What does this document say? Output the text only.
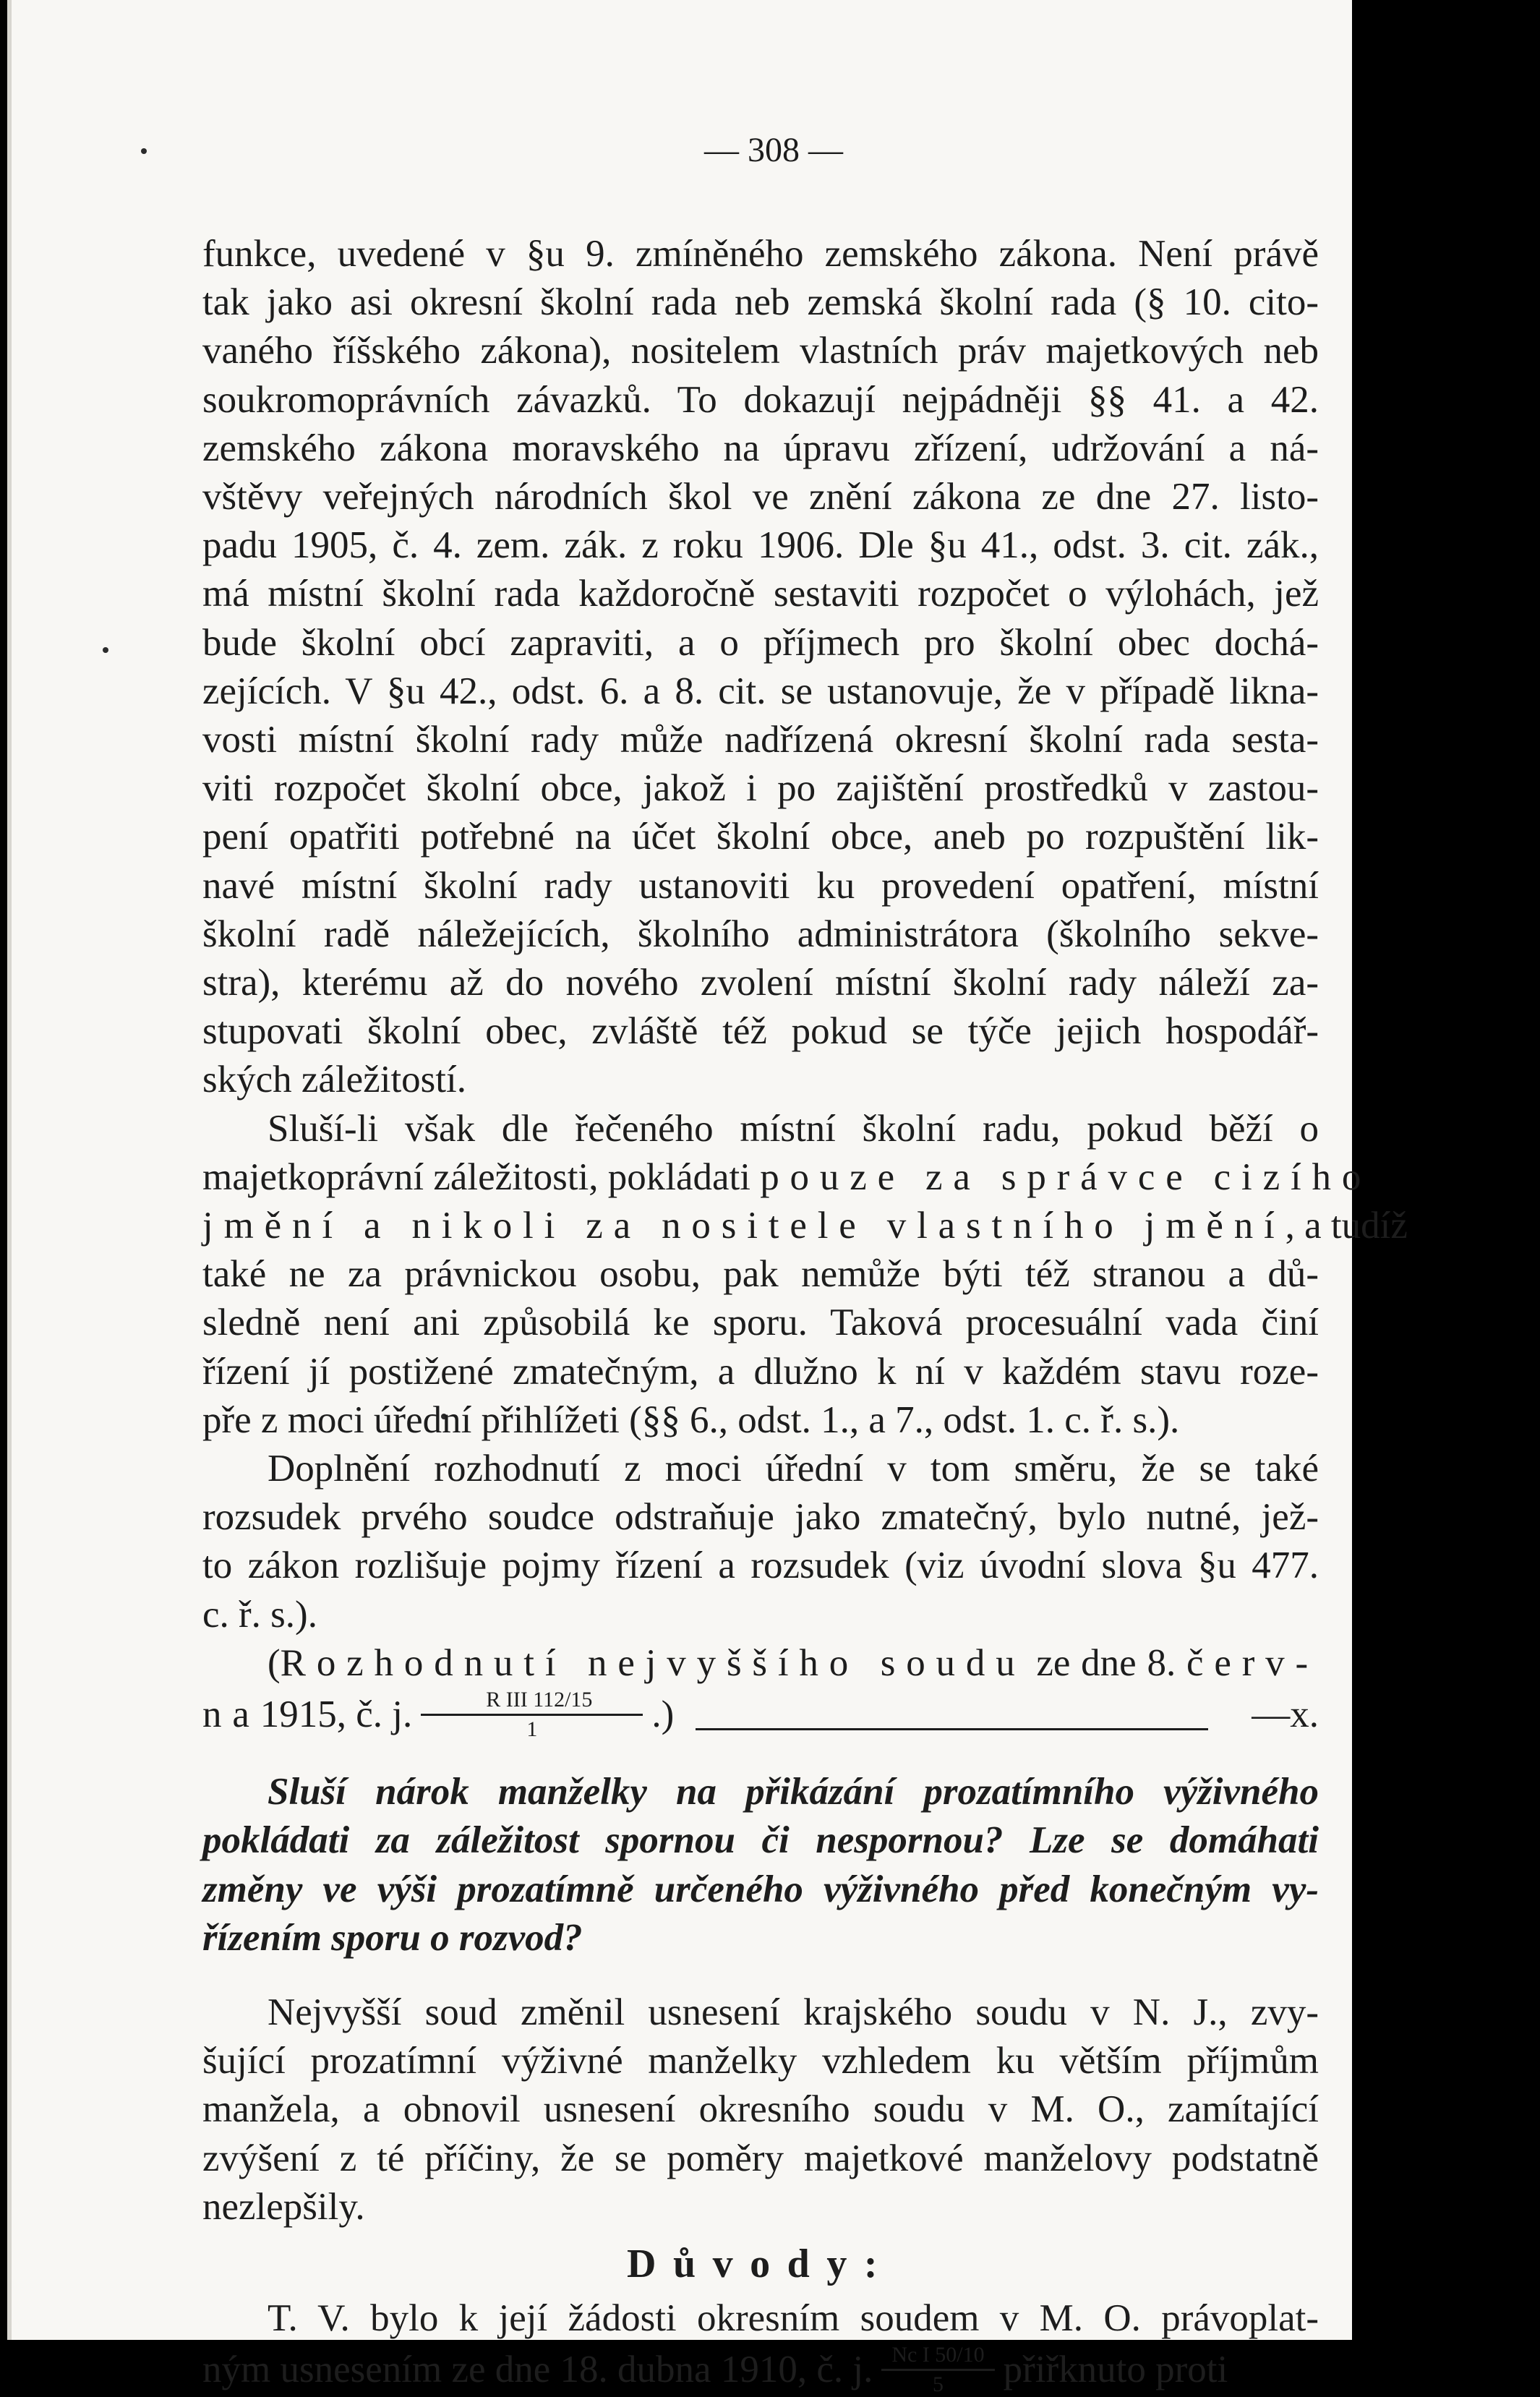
— 308 —
funkce, uvedené v §u 9. zmíněného zemského zákona. Není právě
tak jako asi okresní školní rada neb zemská školní rada (§ 10. cito-
vaného říšského zákona), nositelem vlastních práv majetkových neb
soukromoprávních závazků. To dokazují nejpádněji §§ 41. a 42.
zemského zákona moravského na úpravu zřízení, udržování a ná-
vštěvy veřejných národních škol ve znění zákona ze dne 27. listo-
padu 1905, č. 4. zem. zák. z roku 1906. Dle §u 41., odst. 3. cit. zák.,
má místní školní rada každoročně sestaviti rozpočet o výlohách, jež
bude školní obcí zapraviti, a o příjmech pro školní obec dochá-
zejících. V §u 42., odst. 6. a 8. cit. se ustanovuje, že v případě liknа-
vosti místní školní rady může nadřízená okresní školní rada sesta-
viti rozpočet školní obce, jakož i po zajištění prostředků v zastou-
pení opatřiti potřebné na účet školní obce, aneb po rozpuštění lik-
navé místní školní rady ustanoviti ku provedení opatření, místní
školní radě náležejících, školního administrátora (školního sekve-
stra), kterému až do nového zvolení místní školní rady náleží za-
stupovati školní obec, zvláště též pokud se týče jejich hospodář-
ských záležitostí.
Sluší-li však dle řečeného místní školní radu, pokud běží o
majetkoprávní záležitosti, pokládati pouze za správce cizího
jmění a nikoli za nositele vlastního jmění, a tudíž
také ne za právnickou osobu, pak nemůže býti též stranou a dů-
sledně není ani způsobilá ke sporu. Taková procesuální vada činí
řízení jí postižené zmatečným, a dlužno k ní v každém stavu roze-
pře z moci úřední přihlížeti (§§ 6., odst. 1., a 7., odst. 1. c. ř. s.).
Doplnění rozhodnutí z moci úřední v tom směru, že se také
rozsudek prvého soudce odstraňuje jako zmatečný, bylo nutné, jež-
to zákon rozlišuje pojmy řízení a rozsudek (viz úvodní slova §u 477.
c. ř. s.).
(Rozhodnutí nejvyššího soudu ze dne 8. červ-
na 1915, č. j. $\frac{\text{R III 112/15}}{1}$ .)	—x.
Sluší nárok manželky na přikázání prozatímního výživného
pokládati za záležitost spornou či nespornou? Lze se domáhati
změny ve výši prozatímně určeného výživného před konečným vy-
řízením sporu o rozvod?
Nejvyšší soud změnil usnesení krajského soudu v N. J., zvy-
šující prozatímní výživné manželky vzhledem ku větším příjmům
manžela, a obnovil usnesení okresního soudu v M. O., zamítající
zvýšení z té příčiny, že se poměry majetkové manželovy podstatně
nezlepšily.
Důvody:
T. V. bylo k její žádosti okresním soudem v M. O. právoplat-
ným usnesením ze dne 18. dubna 1910, č. j. $\frac{\text{Nc I 50/10}}{5}$ přiřknuto proti
